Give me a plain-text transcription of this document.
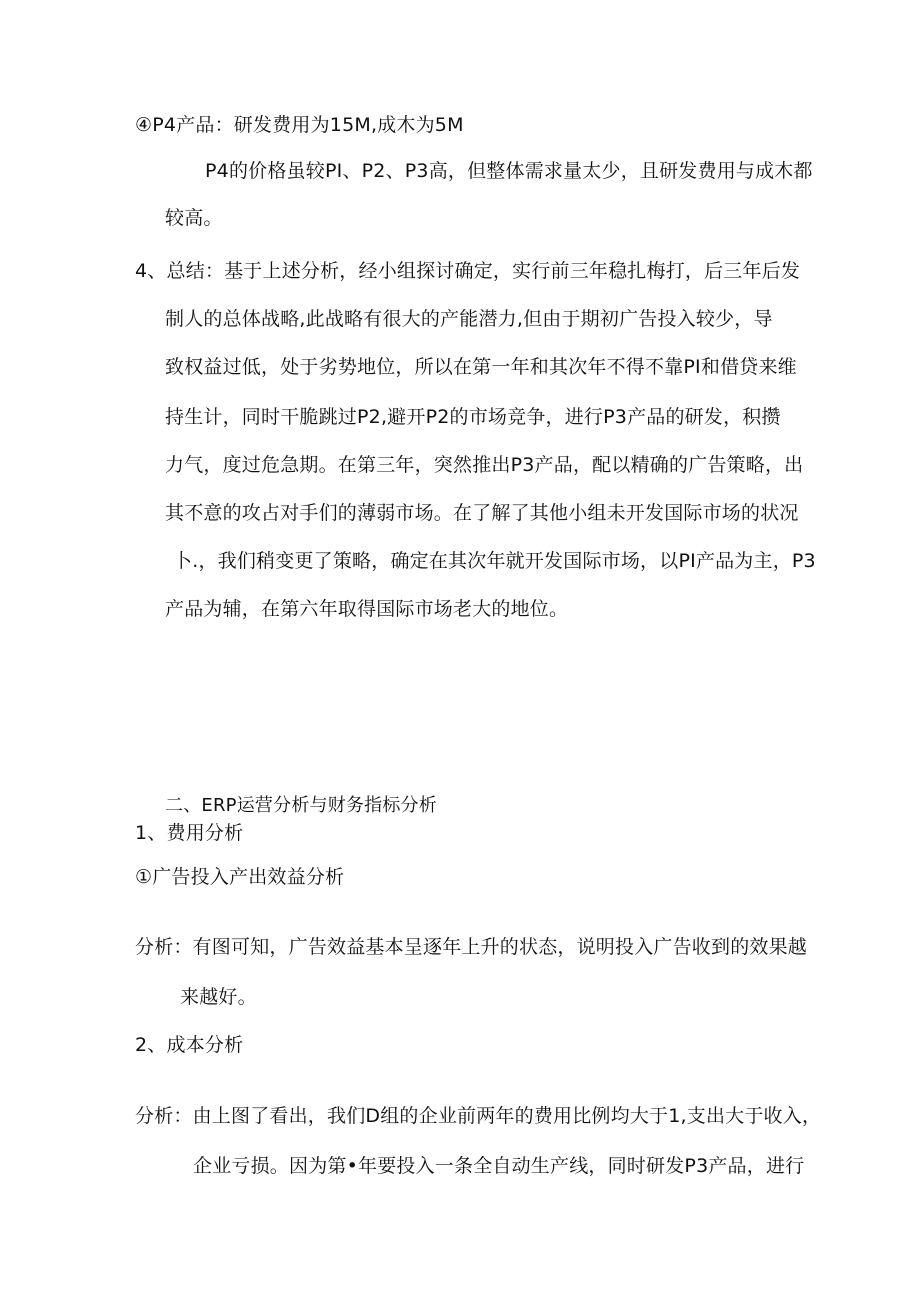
④P4产品：研发费用为15M,成木为5M
P4的价格虽较PI、P2、P3高，但整体需求量太少，且研发费用与成木都
较高。
4、总结：基于上述分析，经小组探讨确定，实行前三年稳扎梅打，后三年后发
制人的总体战略,此战略有很大的产能潜力,但由于期初广告投入较少，导
致权益过低，处于劣势地位，所以在第一年和其次年不得不靠PI和借贷来维
持生计，同时干脆跳过P2,避开P2的市场竞争，进行P3产品的研发，积攒
力气，度过危急期。在第三年，突然推出P3产品，配以精确的广告策略，出
其不意的攻占对手们的薄弱市场。在了解了其他小组未开发国际市场的状况
卜.，我们稍变更了策略，确定在其次年就开发国际市场，以PI产品为主，P3
产品为辅，在第六年取得国际市场老大的地位。
二、ERP运营分析与财务指标分析
1、费用分析
①广告投入产出效益分析
分析：有图可知，广告效益基本呈逐年上升的状态，说明投入广告收到的效果越
来越好。
2、成本分析
分析：由上图了看出，我们D组的企业前两年的费用比例均大于1,支出大于收入，
企业亏损。因为第•年要投入一条全自动生产线，同时研发P3产品，进行
